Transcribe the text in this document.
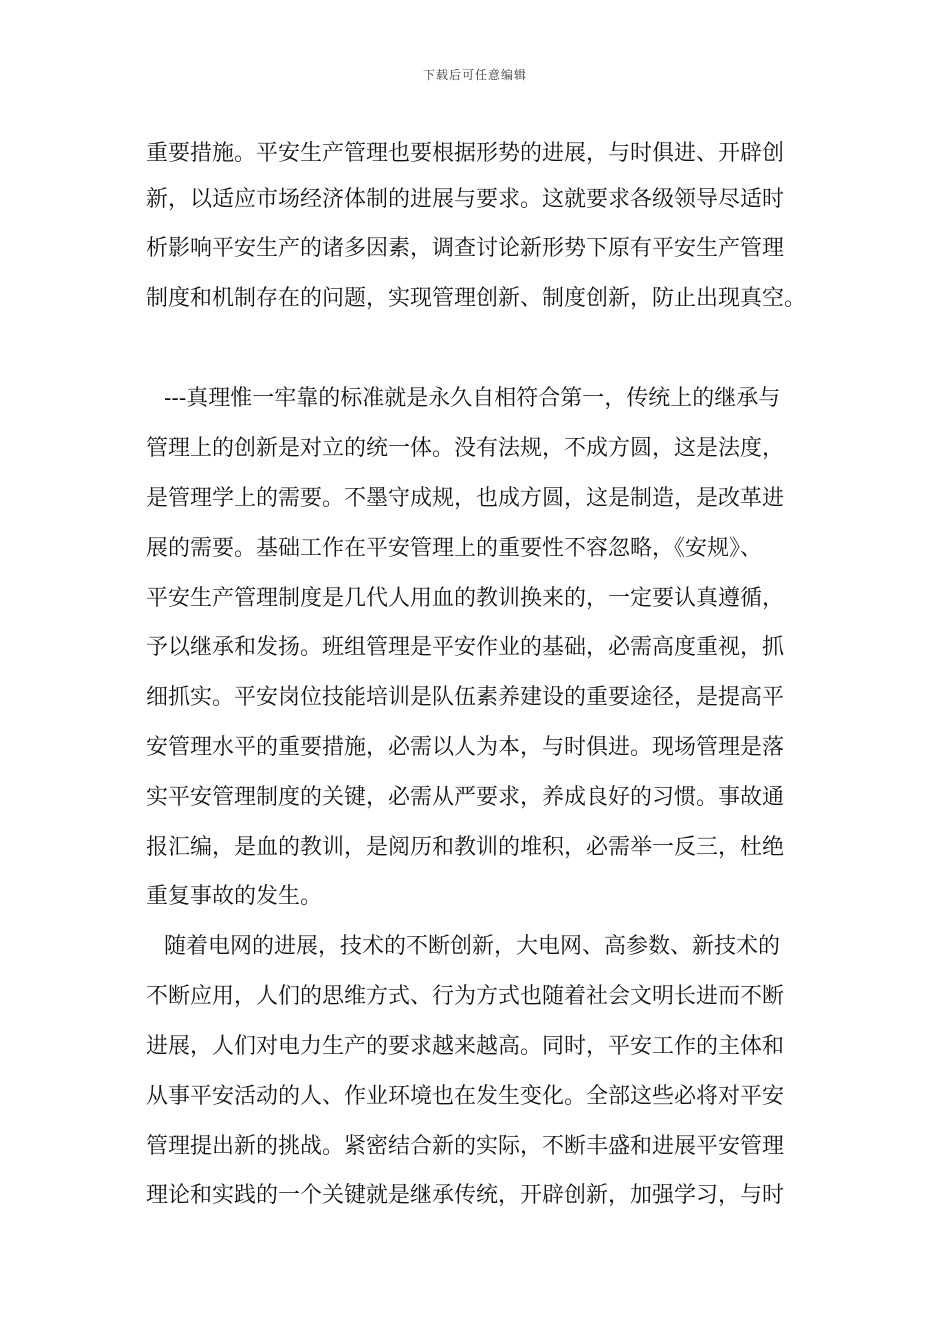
下载后可任意编辑
重要措施。平安生产管理也要根据形势的进展，与时俱进、开辟创
新，以适应市场经济体制的进展与要求。这就要求各级领导尽适时
析影响平安生产的诸多因素，调查讨论新形势下原有平安生产管理
制度和机制存在的问题，实现管理创新、制度创新，防止出现真空。
---真理惟一牢靠的标准就是永久自相符合第一，传统上的继承与
管理上的创新是对立的统一体。没有法规，不成方圆，这是法度，
是管理学上的需要。不墨守成规，也成方圆，这是制造，是改革进
展的需要。基础工作在平安管理上的重要性不容忽略，《安规》、
平安生产管理制度是几代人用血的教训换来的，一定要认真遵循，
予以继承和发扬。班组管理是平安作业的基础，必需高度重视，抓
细抓实。平安岗位技能培训是队伍素养建设的重要途径，是提高平
安管理水平的重要措施，必需以人为本，与时俱进。现场管理是落
实平安管理制度的关键，必需从严要求，养成良好的习惯。事故通
报汇编，是血的教训，是阅历和教训的堆积，必需举一反三，杜绝
重复事故的发生。
随着电网的进展，技术的不断创新，大电网、高参数、新技术的
不断应用，人们的思维方式、行为方式也随着社会文明长进而不断
进展，人们对电力生产的要求越来越高。同时，平安工作的主体和
从事平安活动的人、作业环境也在发生变化。全部这些必将对平安
管理提出新的挑战。紧密结合新的实际，不断丰盛和进展平安管理
理论和实践的一个关键就是继承传统，开辟创新，加强学习，与时
